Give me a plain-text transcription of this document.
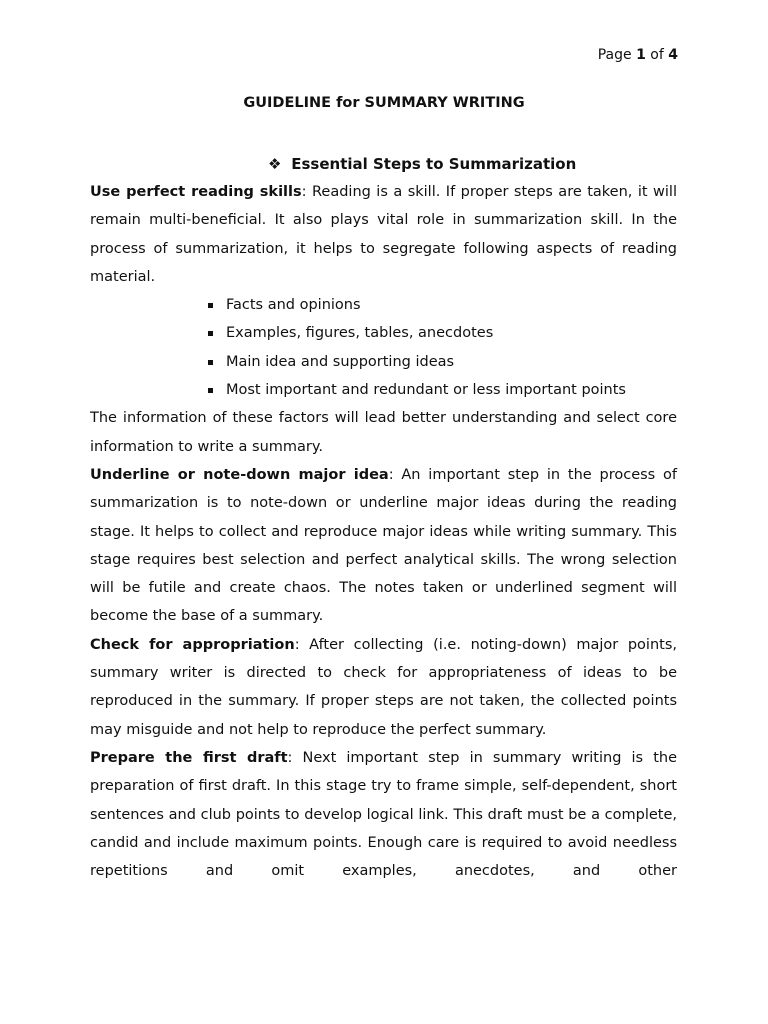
Page 1 of 4
GUIDELINE for SUMMARY WRITING
❖ Essential Steps to Summarization

Use perfect reading skills: Reading is a skill. If proper steps are taken, it will remain multi-beneficial. It also plays vital role in summarization skill. In the process of summarization, it helps to segregate following aspects of reading material.

Facts and opinions
Examples, figures, tables, anecdotes
Main idea and supporting ideas
Most important and redundant or less important points

The information of these factors will lead better understanding and select core information to write a summary.

Underline or note-down major idea: An important step in the process of summarization is to note-down or underline major ideas during the reading stage. It helps to collect and reproduce major ideas while writing summary. This stage requires best selection and perfect analytical skills. The wrong selection will be futile and create chaos. The notes taken or underlined segment will become the base of a summary.

Check for appropriation: After collecting (i.e. noting-down) major points, summary writer is directed to check for appropriateness of ideas to be reproduced in the summary. If proper steps are not taken, the collected points may misguide and not help to reproduce the perfect summary.

Prepare the first draft: Next important step in summary writing is the preparation of first draft. In this stage try to frame simple, self-dependent, short sentences and club points to develop logical link. This draft must be a complete, candid and include maximum points. Enough care is required to avoid needless repetitions and omit examples, anecdotes, and other
